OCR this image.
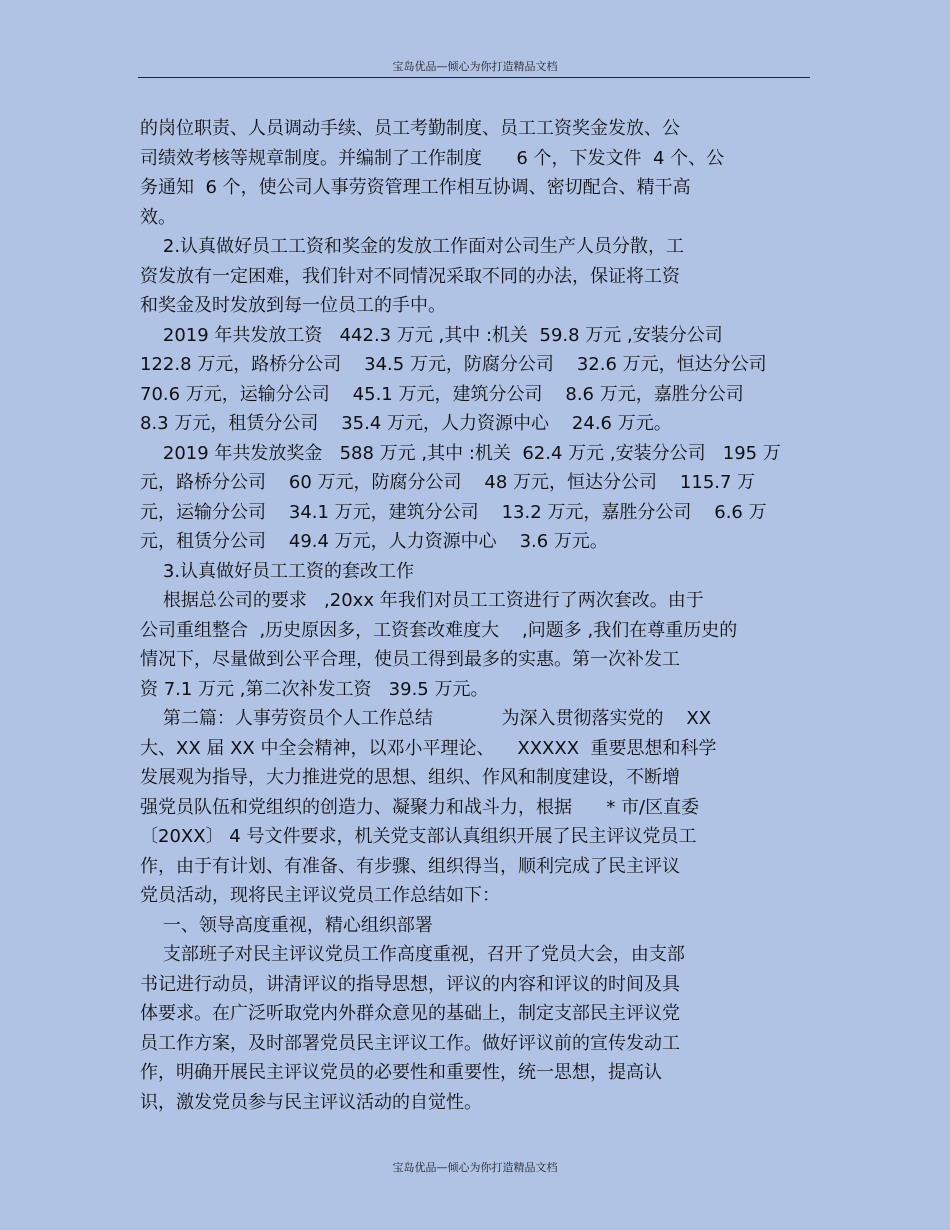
宝岛优品—倾心为你打造精品文档
的岗位职责、人员调动手续、员工考勤制度、员工工资奖金发放、公
司绩效考核等规章制度。并编制了工作制度      6 个，下发文件  4 个、公
务通知  6 个，使公司人事劳资管理工作相互协调、密切配合、精干高
效。
2.认真做好员工工资和奖金的发放工作面对公司生产人员分散，工
资发放有一定困难，我们针对不同情况采取不同的办法，保证将工资
和奖金及时发放到每一位员工的手中。
2019 年共发放工资   442.3 万元 ,其中 :机关  59.8 万元 ,安装分公司
122.8 万元，路桥分公司    34.5 万元，防腐分公司    32.6 万元，恒达分公司
70.6 万元，运输分公司    45.1 万元，建筑分公司    8.6 万元，嘉胜分公司
8.3 万元，租赁分公司    35.4 万元，人力资源中心    24.6 万元。
2019 年共发放奖金   588 万元 ,其中 :机关  62.4 万元 ,安装分公司   195 万
元，路桥分公司    60 万元，防腐分公司    48 万元，恒达分公司    115.7 万
元，运输分公司    34.1 万元，建筑分公司    13.2 万元，嘉胜分公司    6.6 万
元，租赁分公司    49.4 万元，人力资源中心    3.6 万元。
3.认真做好员工工资的套改工作
根据总公司的要求   ,20xx 年我们对员工工资进行了两次套改。由于
公司重组整合  ,历史原因多，工资套改难度大    ,问题多 ,我们在尊重历史的
情况下，尽量做到公平合理，使员工得到最多的实惠。第一次补发工
资 7.1 万元 ,第二次补发工资   39.5 万元。
第二篇：人事劳资员个人工作总结            为深入贯彻落实党的    XX
大、XX 届 XX 中全会精神，以邓小平理论、    XXXXX  重要思想和科学
发展观为指导，大力推进党的思想、组织、作风和制度建设，不断增
强党员队伍和党组织的创造力、凝聚力和战斗力，根据      * 市/区直委
〔20XX〕 4 号文件要求，机关党支部认真组织开展了民主评议党员工
作，由于有计划、有准备、有步骤、组织得当，顺利完成了民主评议
党员活动，现将民主评议党员工作总结如下：
一、领导高度重视，精心组织部署
支部班子对民主评议党员工作高度重视，召开了党员大会，由支部
书记进行动员，讲清评议的指导思想，评议的内容和评议的时间及具
体要求。在广泛听取党内外群众意见的基础上，制定支部民主评议党
员工作方案，及时部署党员民主评议工作。做好评议前的宣传发动工
作，明确开展民主评议党员的必要性和重要性，统一思想，提高认
识，激发党员参与民主评议活动的自觉性。
宝岛优品—倾心为你打造精品文档
